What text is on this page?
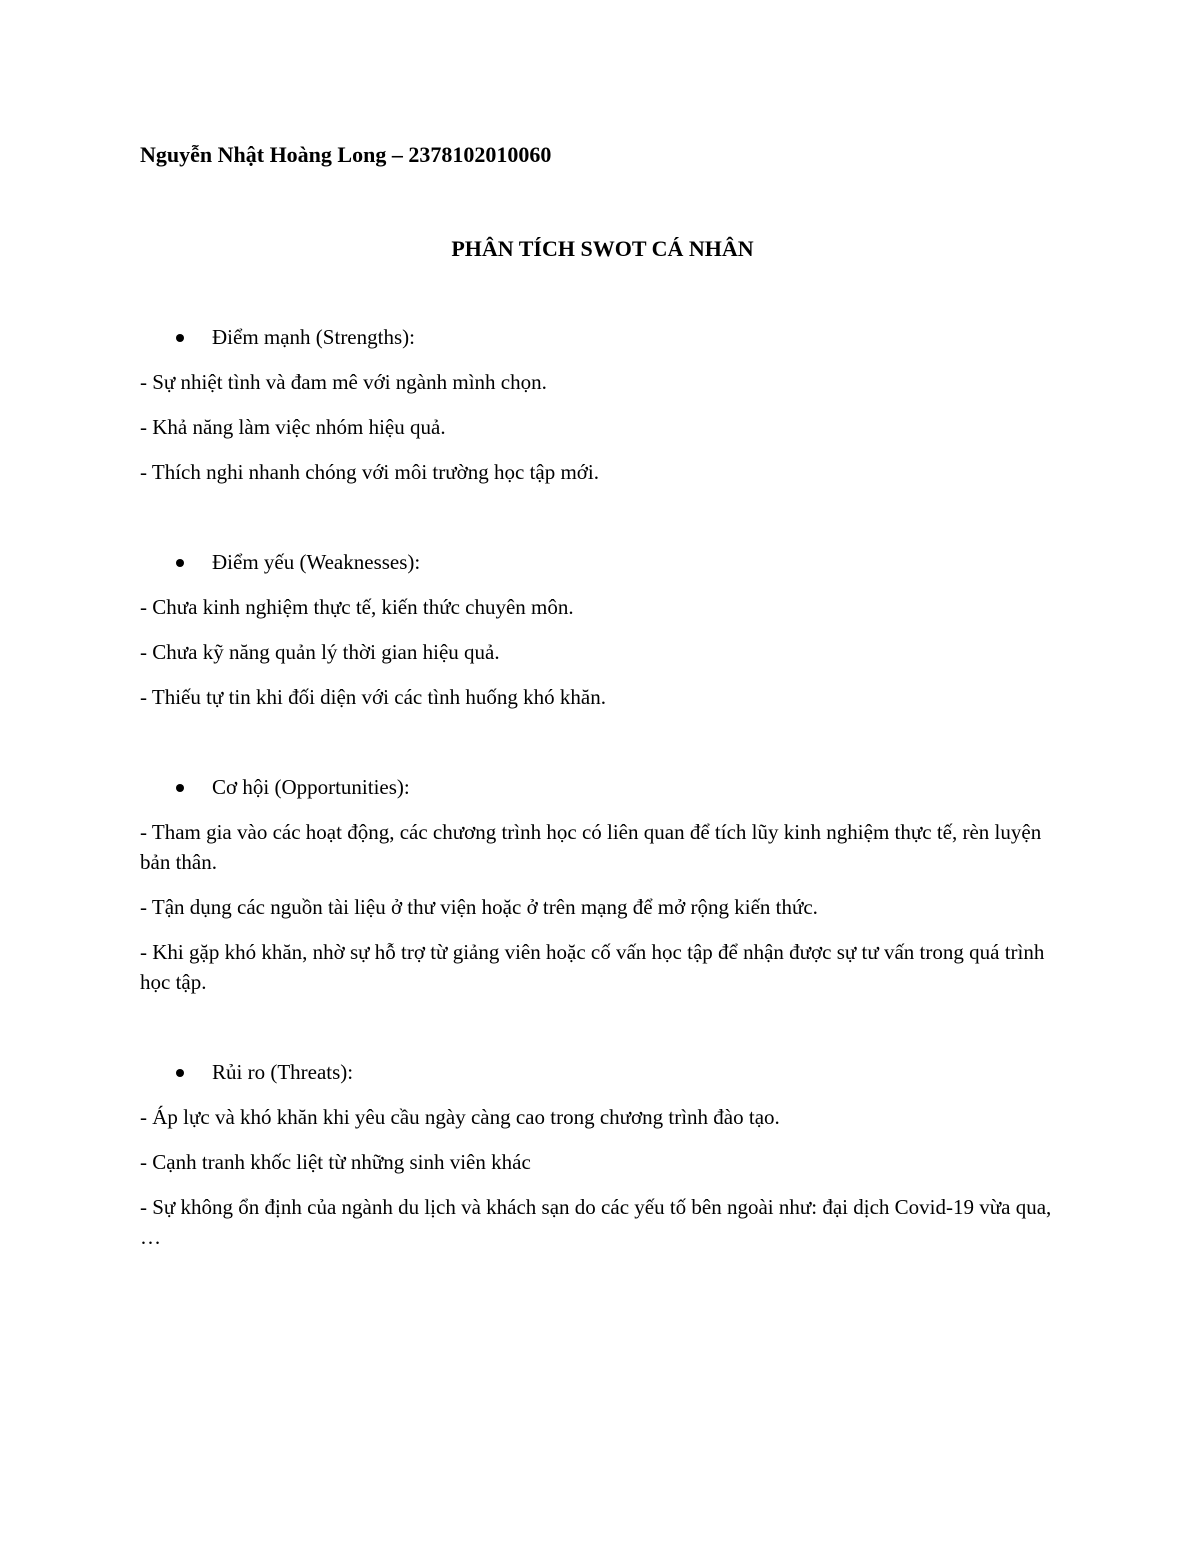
Nguyễn Nhật Hoàng Long – 2378102010060

PHÂN TÍCH SWOT CÁ NHÂN

Điểm mạnh (Strengths):

- Sự nhiệt tình và đam mê với ngành mình chọn.

- Khả năng làm việc nhóm hiệu quả.

- Thích nghi nhanh chóng với môi trường học tập mới.

Điểm yếu (Weaknesses):

- Chưa kinh nghiệm thực tế, kiến thức chuyên môn.

- Chưa kỹ năng quản lý thời gian hiệu quả.

- Thiếu tự tin khi đối diện với các tình huống khó khăn.

Cơ hội (Opportunities):

- Tham gia vào các hoạt động, các chương trình học có liên quan để tích lũy kinh nghiệm thực tế, rèn luyện bản thân.

- Tận dụng các nguồn tài liệu ở thư viện hoặc ở trên mạng để mở rộng kiến thức.

- Khi gặp khó khăn, nhờ sự hỗ trợ từ giảng viên hoặc cố vấn học tập để nhận được sự tư vấn trong quá trình học tập.

Rủi ro (Threats):

- Áp lực và khó khăn khi yêu cầu ngày càng cao trong chương trình đào tạo.

- Cạnh tranh khốc liệt từ những sinh viên khác

- Sự không ổn định của ngành du lịch và khách sạn do các yếu tố bên ngoài như: đại dịch Covid-19 vừa qua, …
